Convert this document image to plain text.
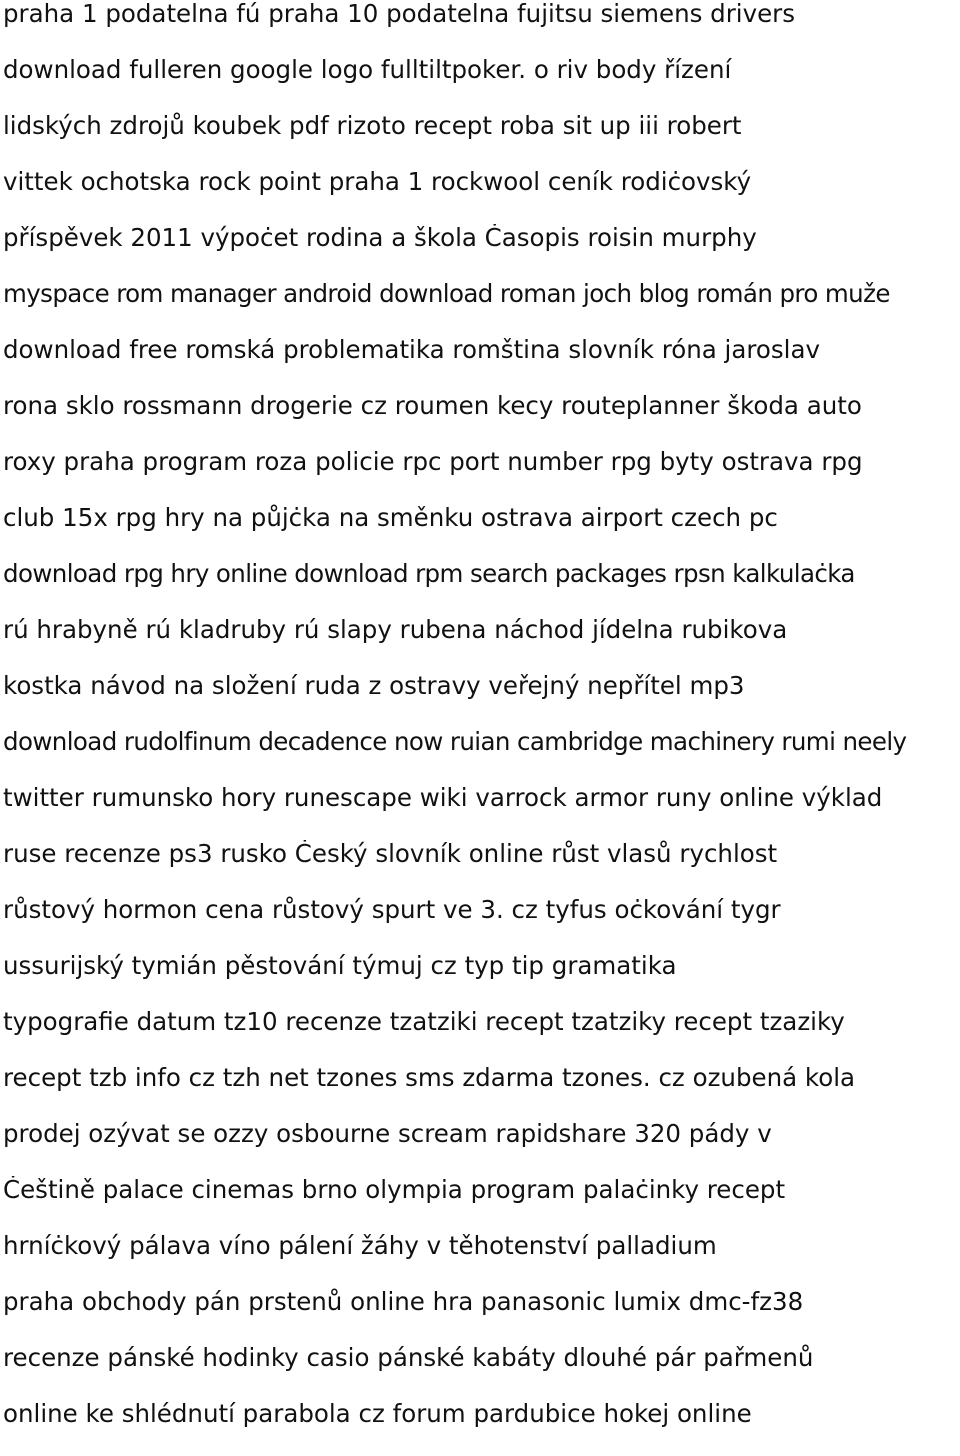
praha 1 podatelna fú praha 10 podatelna fujitsu siemens drivers
download fulleren google logo fulltiltpoker. o riv body řízení
lidských zdrojů koubek pdf rizoto recept roba sit up iii robert
vittek ochotska rock point praha 1 rockwool ceník rodiċovský
příspěvek 2011 výpoċet rodina a škola Ċasopis roisin murphy
myspace rom manager android download roman joch blog román pro muže
download free romská problematika romština slovník róna jaroslav
rona sklo rossmann drogerie cz roumen kecy routeplanner škoda auto
roxy praha program roza policie rpc port number rpg byty ostrava rpg
club 15x rpg hry na půjċka na směnku ostrava airport czech pc
download rpg hry online download rpm search packages rpsn kalkulaċka
rú hrabyně rú kladruby rú slapy rubena náchod jídelna rubikova
kostka návod na složení ruda z ostravy veřejný nepřítel mp3
download rudolfinum decadence now ruian cambridge machinery rumi neely
twitter rumunsko hory runescape wiki varrock armor runy online výklad
ruse recenze ps3 rusko Ċeský slovník online růst vlasů rychlost
růstový hormon cena růstový spurt ve 3. cz tyfus oċkování tygr
ussurijský tymián pěstování týmuj cz typ tip gramatika
typografie datum tz10 recenze tzatziki recept tzatziky recept tzaziky
recept tzb info cz tzh net tzones sms zdarma tzones. cz ozubená kola
prodej ozývat se ozzy osbourne scream rapidshare 320 pády v
Ċeštině palace cinemas brno olympia program palaċinky recept
hrníċkový pálava víno pálení žáhy v těhotenství palladium
praha obchody pán prstenů online hra panasonic lumix dmc-fz38
recenze pánské hodinky casio pánské kabáty dlouhé pár pařmenů
online ke shlédnutí parabola cz forum pardubice hokej online
